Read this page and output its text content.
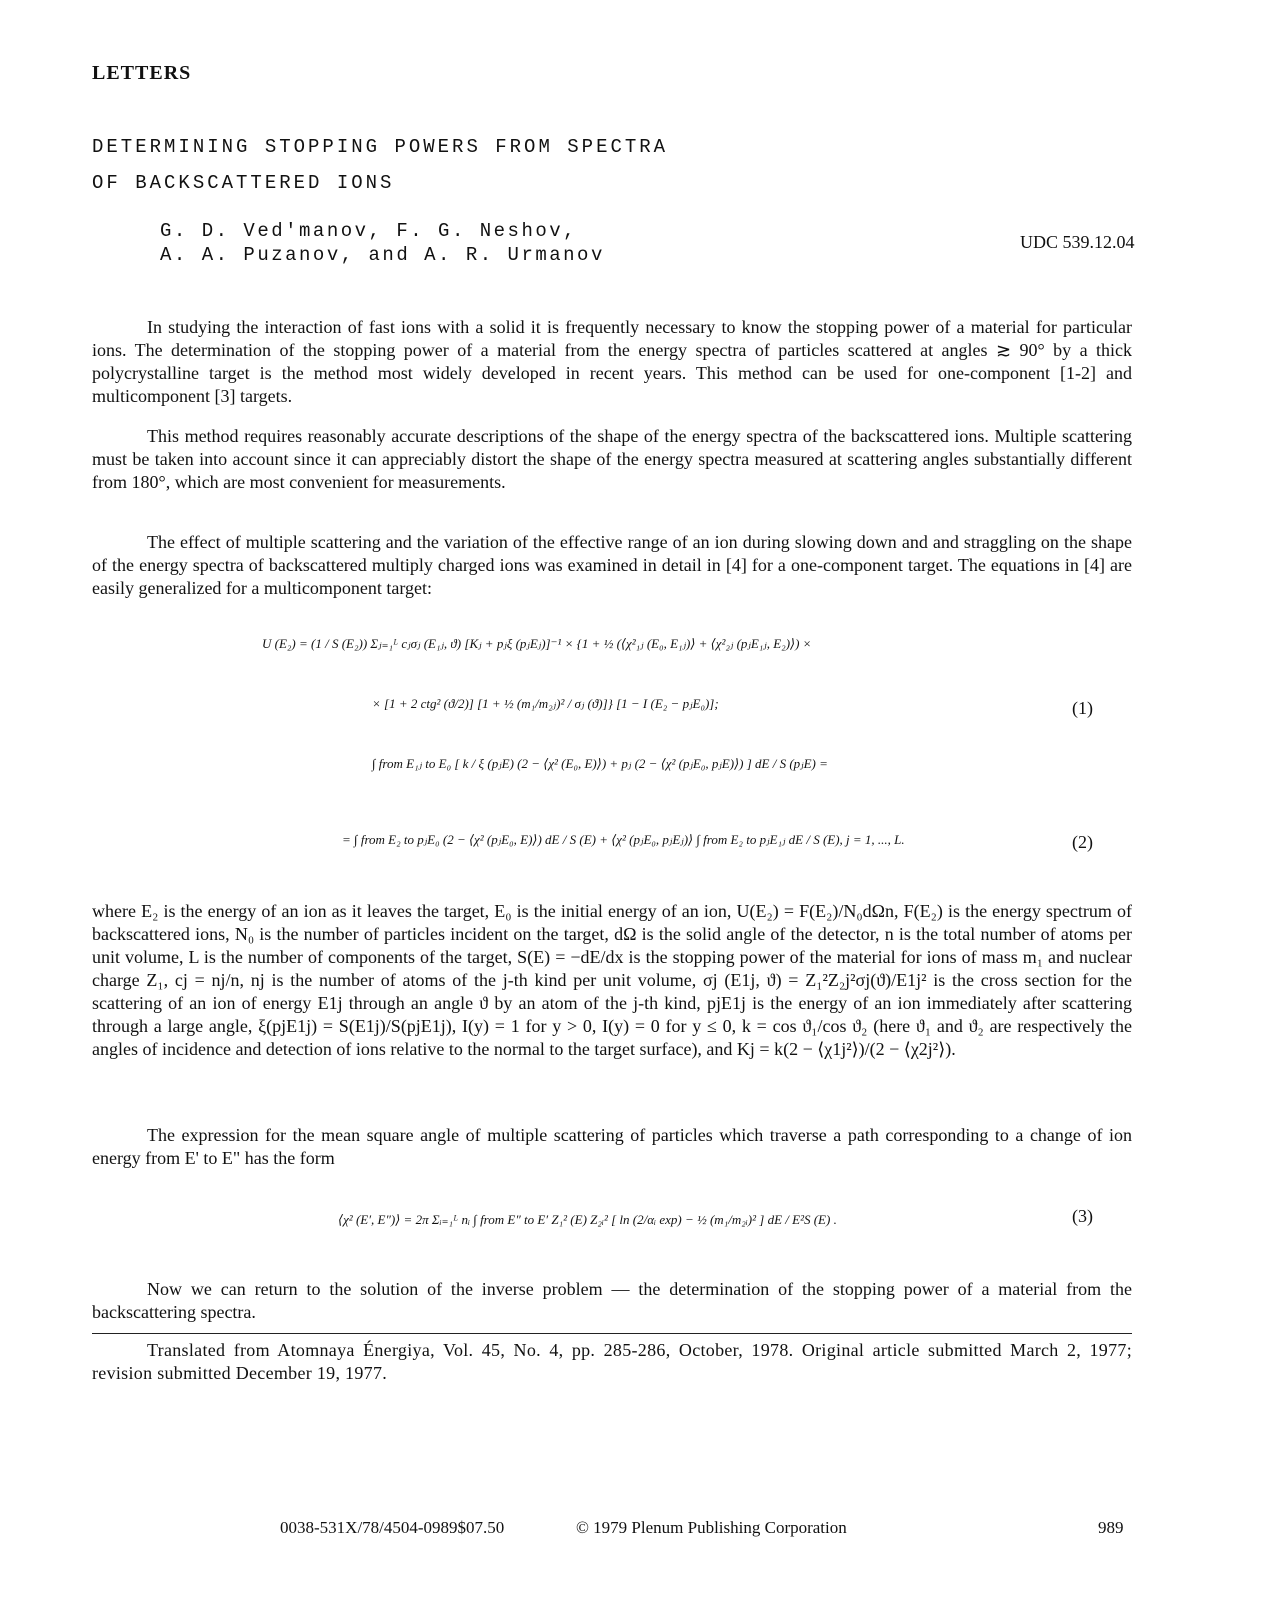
LETTERS
DETERMINING STOPPING POWERS FROM SPECTRA
OF BACKSCATTERED IONS
G. D. Ved'manov, F. G. Neshov,
A. A. Puzanov, and A. R. Urmanov
UDC 539.12.04
In studying the interaction of fast ions with a solid it is frequently necessary to know the stopping power of a material for particular ions. The determination of the stopping power of a material from the energy spectra of particles scattered at angles ≳ 90° by a thick polycrystalline target is the method most widely developed in recent years. This method can be used for one-component [1-2] and multicomponent [3] targets.
This method requires reasonably accurate descriptions of the shape of the energy spectra of the backscattered ions. Multiple scattering must be taken into account since it can appreciably distort the shape of the energy spectra measured at scattering angles substantially different from 180°, which are most convenient for measurements.
The effect of multiple scattering and the variation of the effective range of an ion during slowing down and and straggling on the shape of the energy spectra of backscattered multiply charged ions was examined in detail in [4] for a one-component target. The equations in [4] are easily generalized for a multicomponent target:
U (E₂) = (1 / S (E₂)) Σⱼ₌₁ᴸ cⱼσⱼ (E₁ⱼ, ϑ) [Kⱼ + pⱼξ (pⱼEⱼ)]⁻¹ × {1 + ½ (⟨χ²₁ⱼ (E₀, E₁ⱼ)⟩ + ⟨χ²₂ⱼ (pⱼE₁ⱼ, E₂)⟩) ×
× [1 + 2 ctg² (ϑ/2)] [1 + ½ (m₁/m₂ⱼ)² / σⱼ (ϑ)]} [1 − I (E₂ − pⱼE₀)];	(1)
∫ from E₁ⱼ to E₀ [ k / ξ (pⱼE) (2 − ⟨χ² (E₀, E)⟩) + pⱼ (2 − ⟨χ² (pⱼE₀, pⱼE)⟩) ] dE / S (pⱼE) =
= ∫ from E₂ to pⱼE₀ (2 − ⟨χ² (pⱼE₀, E)⟩) dE / S (E) + ⟨χ² (pⱼE₀, pⱼEⱼ)⟩ ∫ from E₂ to pⱼE₁ⱼ dE / S (E), j = 1, ..., L.	(2)
where E₂ is the energy of an ion as it leaves the target, E₀ is the initial energy of an ion, U(E₂) = F(E₂)/N₀dΩn, F(E₂) is the energy spectrum of backscattered ions, N₀ is the number of particles incident on the target, dΩ is the solid angle of the detector, n is the total number of atoms per unit volume, L is the number of components of the target, S(E) = −dE/dx is the stopping power of the material for ions of mass m₁ and nuclear charge Z₁, cj = nj/n, nj is the number of atoms of the j-th kind per unit volume, σj (E1j, ϑ) = Z₁²Z₂j²σj(ϑ)/E1j² is the cross section for the scattering of an ion of energy E1j through an angle ϑ by an atom of the j-th kind, pjE1j is the energy of an ion immediately after scattering through a large angle, ξ(pjE1j) = S(E1j)/S(pjE1j), I(y) = 1 for y > 0, I(y) = 0 for y ≤ 0, k = cos ϑ₁/cos ϑ₂ (here ϑ₁ and ϑ₂ are respectively the angles of incidence and detection of ions relative to the normal to the target surface), and Kj = k(2 − ⟨χ1j²⟩)/(2 − ⟨χ2j²⟩).
The expression for the mean square angle of multiple scattering of particles which traverse a path corresponding to a change of ion energy from E' to E" has the form
⟨χ² (E′, E″)⟩ = 2π Σᵢ₌₁ᴸ nᵢ ∫ from E″ to E′ Z₁² (E) Z₂ᵢ² [ ln (2/αᵢ exp) − ½ (m₁/m₂ᵢ)² ] dE / E²S (E) .	(3)
Now we can return to the solution of the inverse problem — the determination of the stopping power of a material from the backscattering spectra.
Translated from Atomnaya Énergiya, Vol. 45, No. 4, pp. 285-286, October, 1978. Original article submitted March 2, 1977; revision submitted December 19, 1977.
0038-531X/78/4504-0989$07.50	© 1979 Plenum Publishing Corporation	989
